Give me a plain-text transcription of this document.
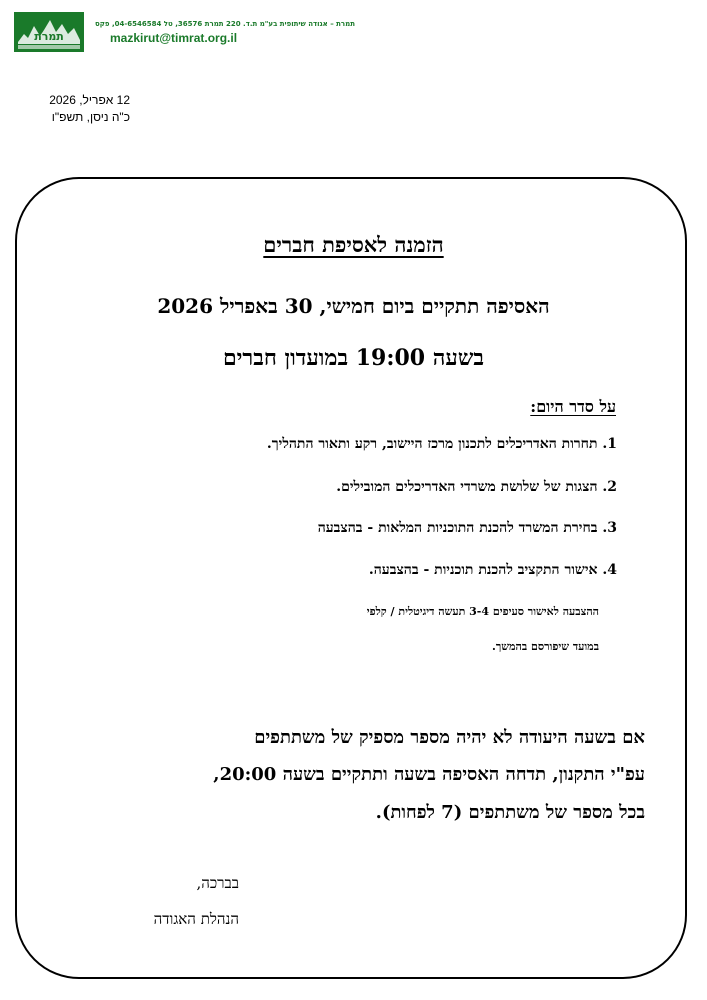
תמרת
תמרת – אגודה שיתופית בע"מ ת.ד. 220 תמרת 36576, טל 04-6546584, פקס
mazkirut@timrat.org.il
12 אפריל, 2026
כ"ה ניסן, תשפ"ו
הזמנה לאסיפת חברים
האסיפה תתקיים ביום חמישי, 30 באפריל 2026
בשעה 19:00 במועדון חברים
על סדר היום:
1. תחרות האדריכלים לתכנון מרכז היישוב, רקע ותאור התהליך.
2. הצגות של שלושת משרדי האדריכלים המובילים.
3. בחירת המשרד להכנת התוכניות המלאות - בהצבעה
4. אישור התקציב להכנת תוכניות - בהצבעה.
ההצבעה לאישור סעיפים 3-4 תעשה דיגיטלית / קלפי
במועד שיפורסם בהמשך.
אם בשעה היעודה לא יהיה מספר מספיק של משתתפים
עפ"י התקנון, תדחה האסיפה בשעה ותתקיים בשעה 20:00,
בכל מספר של משתתפים (7 לפחות).
בברכה,
הנהלת האגודה
